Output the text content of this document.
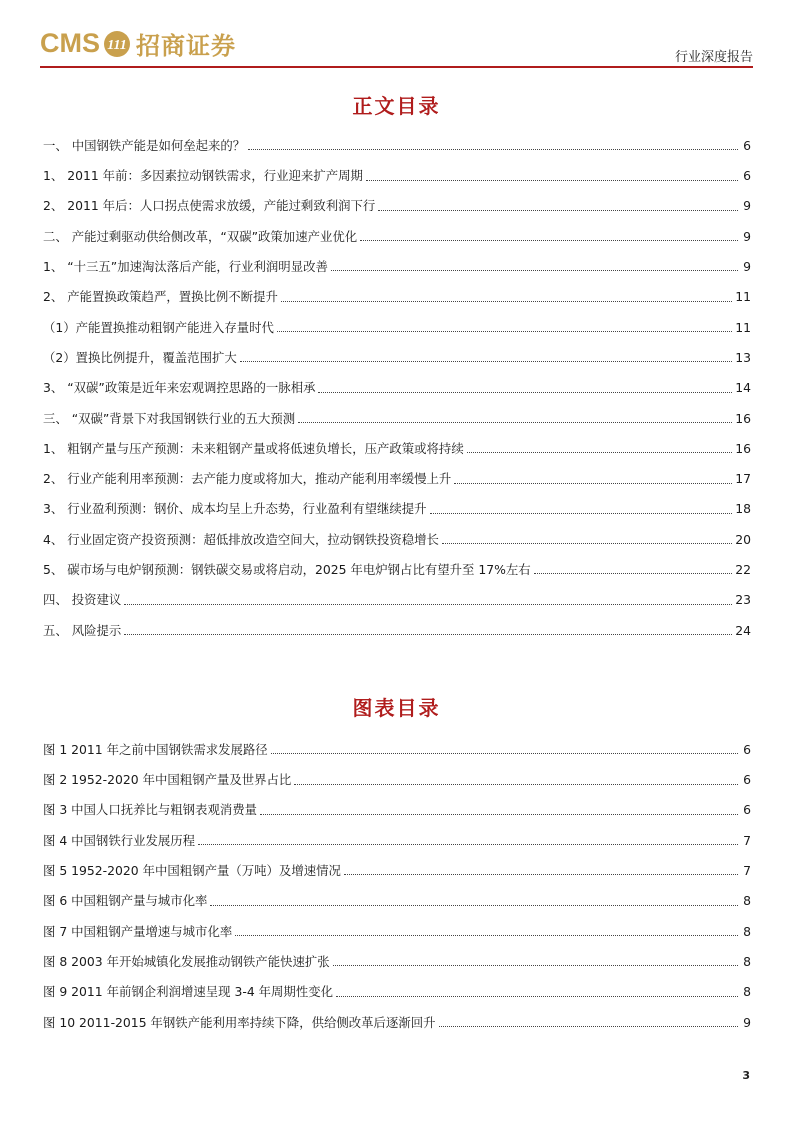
CMS 111 招商证券	行业深度报告
正文目录
一、 中国钢铁产能是如何垒起来的？	6
1、 2011 年前：多因素拉动钢铁需求，行业迎来扩产周期	6
2、 2011 年后：人口拐点使需求放缓，产能过剩致利润下行	9
二、 产能过剩驱动供给侧改革，“双碳”政策加速产业优化	9
1、 “十三五”加速淘汰落后产能，行业利润明显改善	9
2、 产能置换政策趋严，置换比例不断提升	11
（1）产能置换推动粗钢产能进入存量时代	11
（2）置换比例提升，覆盖范围扩大	13
3、 “双碳”政策是近年来宏观调控思路的一脉相承	14
三、 “双碳”背景下对我国钢铁行业的五大预测	16
1、 粗钢产量与压产预测：未来粗钢产量或将低速负增长，压产政策或将持续	16
2、 行业产能利用率预测：去产能力度或将加大，推动产能利用率缓慢上升	17
3、 行业盈利预测：钢价、成本均呈上升态势，行业盈利有望继续提升	18
4、 行业固定资产投资预测：超低排放改造空间大，拉动钢铁投资稳增长	20
5、 碳市场与电炉钢预测：钢铁碳交易或将启动，2025 年电炉钢占比有望升至 17%左右	22
四、 投资建议	23
五、 风险提示	24
图表目录
图 1 2011 年之前中国钢铁需求发展路径	6
图 2 1952-2020 年中国粗钢产量及世界占比	6
图 3 中国人口抚养比与粗钢表观消费量	6
图 4 中国钢铁行业发展历程	7
图 5 1952-2020 年中国粗钢产量（万吨）及增速情况	7
图 6 中国粗钢产量与城市化率	8
图 7 中国粗钢产量增速与城市化率	8
图 8 2003 年开始城镇化发展推动钢铁产能快速扩张	8
图 9 2011 年前钢企利润增速呈现 3-4 年周期性变化	8
图 10 2011-2015 年钢铁产能利用率持续下降，供给侧改革后逐渐回升	9
3
